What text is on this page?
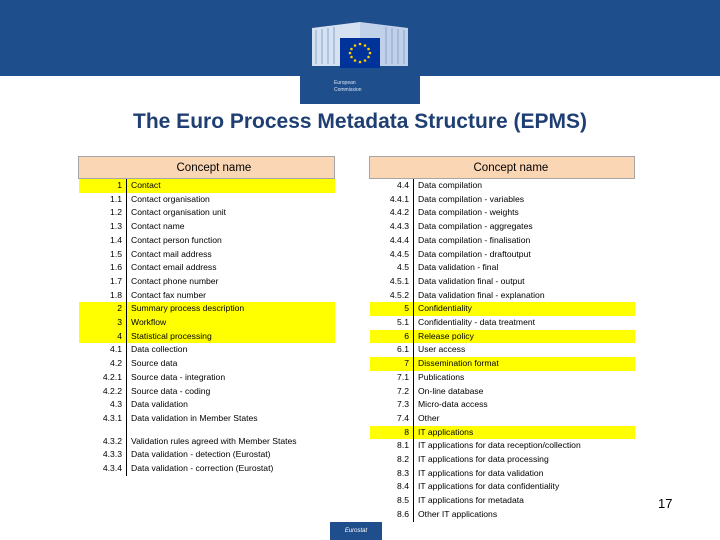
European
Commission
The Euro Process Metadata Structure (EPMS)
	Concept name
1	Contact
1.1	Contact organisation
1.2	Contact organisation unit
1.3	Contact name
1.4	Contact person function
1.5	Contact mail address
1.6	Contact email address
1.7	Contact phone number
1.8	Contact fax number
2	Summary process description
3	Workflow
4	Statistical processing
4.1	Data collection
4.2	Source data
4.2.1	Source data - integration
4.2.2	Source data - coding
4.3	Data validation
4.3.1	Data validation in Member States

4.3.2	Validation rules agreed with Member States
4.3.3	Data validation - detection (Eurostat)
4.3.4	Data validation - correction (Eurostat)
	Concept name
4.4	Data compilation
4.4.1	Data compilation - variables
4.4.2	Data compilation - weights
4.4.3	Data compilation - aggregates
4.4.4	Data compilation - finalisation
4.4.5	Data compilation - draftoutput
4.5	Data validation - final
4.5.1	Data validation final - output
4.5.2	Data validation final - explanation
5	Confidentiality
5.1	Confidentiality - data treatment
6	Release policy
6.1	User access
7	Dissemination format
7.1	Publications
7.2	On-line database
7.3	Micro-data access
7.4	Other
8	IT applications
8.1	IT applications for data reception/collection
8.2	IT applications for data processing
8.3	IT applications for data validation
8.4	IT applications for data confidentiality
8.5	IT applications for metadata
8.6	Other IT applications
17
Eurostat
